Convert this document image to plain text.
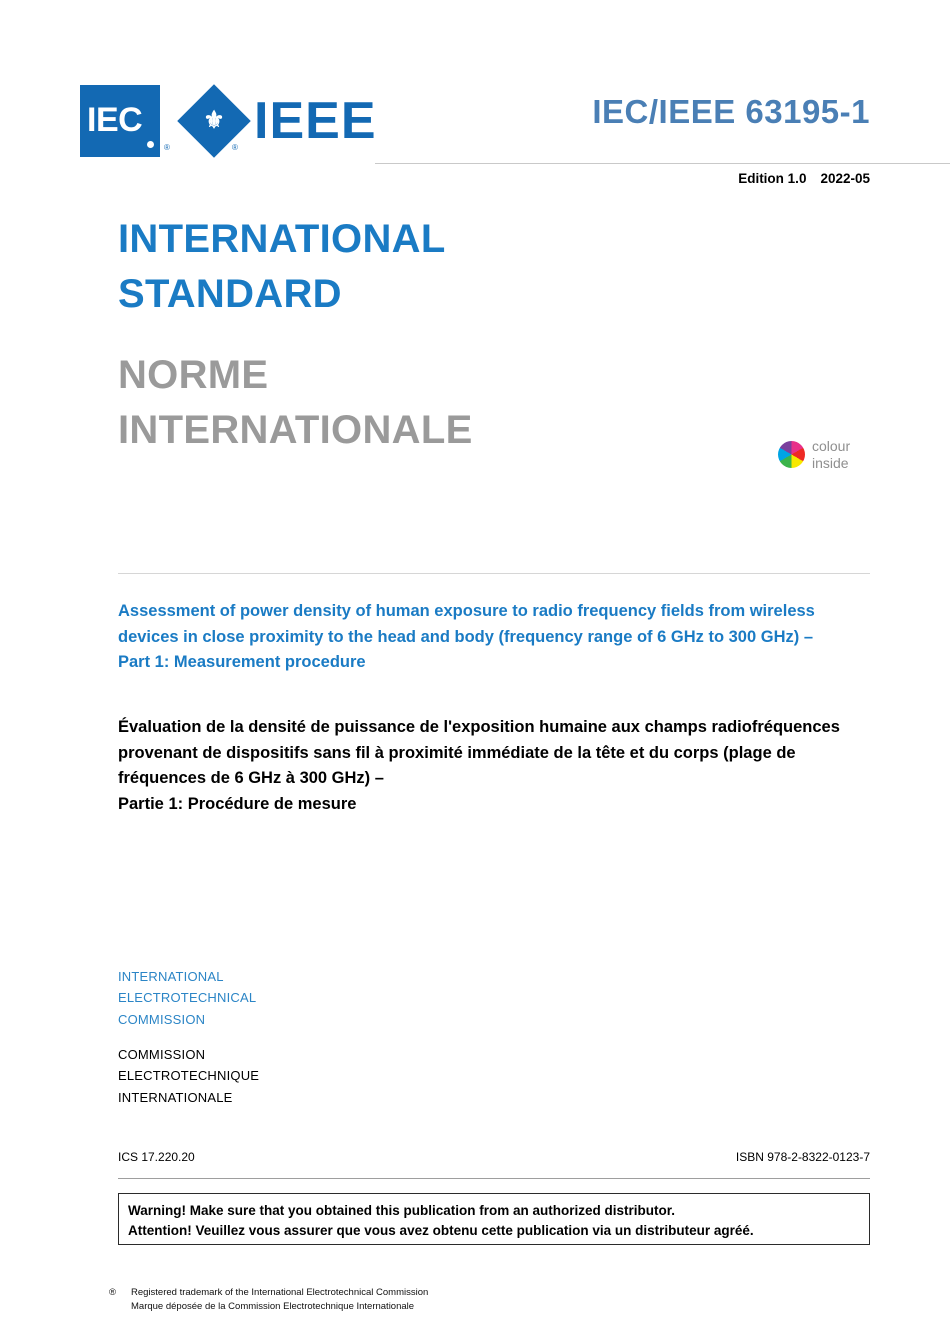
IEC
®
⚜ IEEE
®
IEC/IEEE 63195-1
Edition 1.0 2022-05
INTERNATIONAL
STANDARD
NORME
INTERNATIONALE	colour
inside
Assessment of power density of human exposure to radio frequency fields from wireless devices in close proximity to the head and body (frequency range of 6 GHz to 300 GHz) –
Part 1: Measurement procedure
Évaluation de la densité de puissance de l'exposition humaine aux champs radiofréquences provenant de dispositifs sans fil à proximité immédiate de la tête et du corps (plage de fréquences de 6 GHz à 300 GHz) –
Partie 1: Procédure de mesure
INTERNATIONAL
ELECTROTECHNICAL
COMMISSION
COMMISSION
ELECTROTECHNIQUE
INTERNATIONALE
ICS 17.220.20	ISBN 978-2-8322-0123-7
Warning! Make sure that you obtained this publication from an authorized distributor.
Attention! Veuillez vous assurer que vous avez obtenu cette publication via un distributeur agréé.
® Registered trademark of the International Electrotechnical Commission
Marque déposée de la Commission Electrotechnique Internationale
